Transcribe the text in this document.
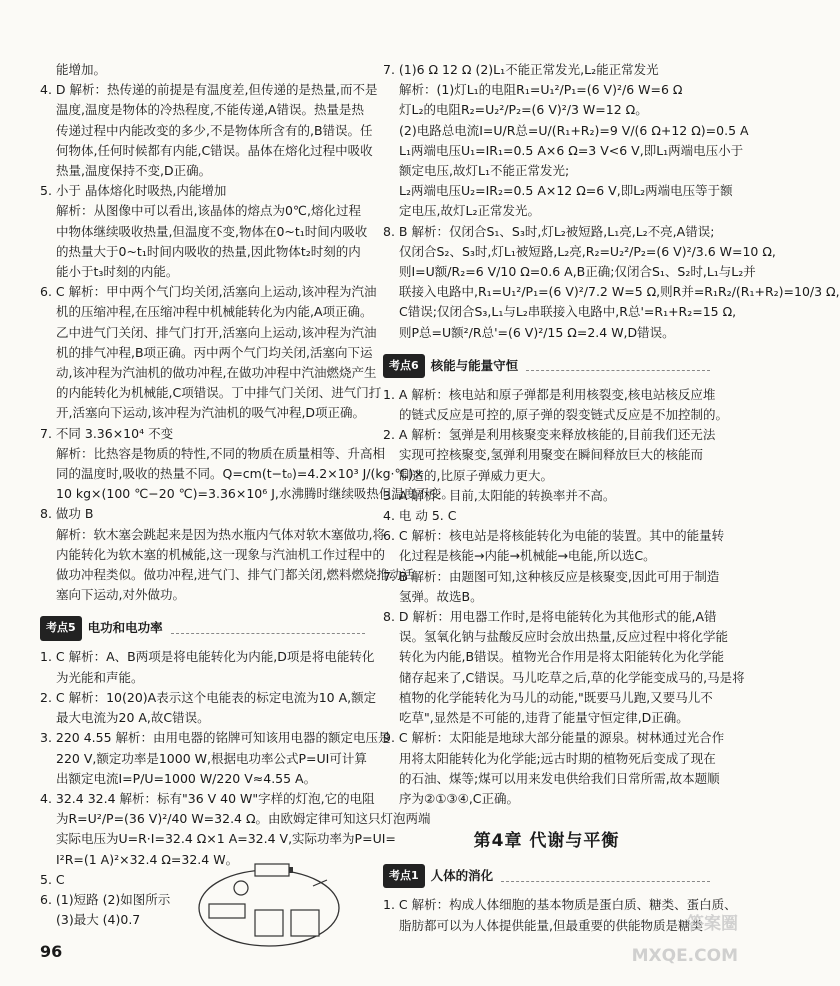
能增加。
4. D 解析：热传递的前提是有温度差,但传递的是热量,而不是
温度,温度是物体的冷热程度,不能传递,A错误。热量是热
传递过程中内能改变的多少,不是物体所含有的,B错误。任
何物体,任何时候都有内能,C错误。晶体在熔化过程中吸收
热量,温度保持不变,D正确。
5. 小于 晶体熔化时吸热,内能增加
解析：从图像中可以看出,该晶体的熔点为0℃,熔化过程
中物体继续吸收热量,但温度不变,物体在0~t₁时间内吸收
的热量大于0~t₁时间内吸收的热量,因此物体t₂时刻的内
能小于t₃时刻的内能。
6. C 解析：甲中两个气门均关闭,活塞向上运动,该冲程为汽油
机的压缩冲程,在压缩冲程中机械能转化为内能,A项正确。
乙中进气门关闭、排气门打开,活塞向上运动,该冲程为汽油
机的排气冲程,B项正确。丙中两个气门均关闭,活塞向下运
动,该冲程为汽油机的做功冲程,在做功冲程中汽油燃烧产生
的内能转化为机械能,C项错误。丁中排气门关闭、进气门打
开,活塞向下运动,该冲程为汽油机的吸气冲程,D项正确。
7. 不同 3.36×10⁴ 不变
解析：比热容是物质的特性,不同的物质在质量相等、升高相
同的温度时,吸收的热量不同。Q=cm(t−t₀)=4.2×10³ J/(kg·℃)×
10 kg×(100 ℃−20 ℃)=3.36×10⁶ J,水沸腾时继续吸热但温度不变。
8. 做功 B
解析：软木塞会跳起来是因为热水瓶内气体对软木塞做功,将
内能转化为软木塞的机械能,这一现象与汽油机工作过程中的
做功冲程类似。做功冲程,进气门、排气门都关闭,燃料燃烧推动活
塞向下运动,对外做功。
考点5 电功和电功率
1. C 解析：A、B两项是将电能转化为内能,D项是将电能转化
为光能和声能。
2. C 解析：10(20)A表示这个电能表的标定电流为10 A,额定
最大电流为20 A,故C错误。
3. 220 4.55 解析：由用电器的铭牌可知该用电器的额定电压是
220 V,额定功率是1000 W,根据电功率公式P=UI可计算
出额定电流I=P/U=1000 W/220 V≈4.55 A。
4. 32.4 32.4 解析：标有"36 V 40 W"字样的灯泡,它的电阻
为R=U²/P=(36 V)²/40 W=32.4 Ω。由欧姆定律可知这只灯泡两端
实际电压为U=R·I=32.4 Ω×1 A=32.4 V,实际功率为P=UI=
I²R=(1 A)²×32.4 Ω=32.4 W。
5. C
6. (1)短路 (2)如图所示
(3)最大 (4)0.7
7. (1)6 Ω 12 Ω (2)L₁不能正常发光,L₂能正常发光
解析：(1)灯L₁的电阻R₁=U₁²/P₁=(6 V)²/6 W=6 Ω
灯L₂的电阻R₂=U₂²/P₂=(6 V)²/3 W=12 Ω。
(2)电路总电流I=U/R总=U/(R₁+R₂)=9 V/(6 Ω+12 Ω)=0.5 A
L₁两端电压U₁=IR₁=0.5 A×6 Ω=3 V<6 V,即L₁两端电压小于
额定电压,故灯L₁不能正常发光;
L₂两端电压U₂=IR₂=0.5 A×12 Ω=6 V,即L₂两端电压等于额
定电压,故灯L₂正常发光。
8. B 解析：仅闭合S₁、S₃时,灯L₂被短路,L₁亮,L₂不亮,A错误;
仅闭合S₂、S₃时,灯L₁被短路,L₂亮,R₂=U₂²/P₂=(6 V)²/3.6 W=10 Ω,
则I=U额/R₂=6 V/10 Ω=0.6 A,B正确;仅闭合S₁、S₂时,L₁与L₂并
联接入电路中,R₁=U₁²/P₁=(6 V)²/7.2 W=5 Ω,则R并=R₁R₂/(R₁+R₂)=10/3 Ω,
C错误;仅闭合S₃,L₁与L₂串联接入电路中,R总'=R₁+R₂=15 Ω,
则P总=U额²/R总'=(6 V)²/15 Ω=2.4 W,D错误。
考点6 核能与能量守恒
1. A 解析：核电站和原子弹都是利用核裂变,核电站核反应堆
的链式反应是可控的,原子弹的裂变链式反应是不加控制的。
2. A 解析：氢弹是利用核聚变来释放核能的,目前我们还无法
实现可控核聚变,氢弹利用聚变在瞬间释放巨大的核能而
制造的,比原子弹威力更大。
3. A 解析：目前,太阳能的转换率并不高。
4. 电 动 5. C
6. C 解析：核电站是将核能转化为电能的装置。其中的能量转
化过程是核能→内能→机械能→电能,所以选C。
7. B 解析：由题图可知,这种核反应是核聚变,因此可用于制造
氢弹。故选B。
8. D 解析：用电器工作时,是将电能转化为其他形式的能,A错
误。氢氧化钠与盐酸反应时会放出热量,反应过程中将化学能
转化为内能,B错误。植物光合作用是将太阳能转化为化学能
储存起来了,C错误。马儿吃草之后,草的化学能变成马的,马是将
植物的化学能转化为马儿的动能,"既要马儿跑,又要马儿不
吃草",显然是不可能的,违背了能量守恒定律,D正确。
9. C 解析：太阳能是地球大部分能量的源泉。树林通过光合作
用将太阳能转化为化学能;远古时期的植物死后变成了现在
的石油、煤等;煤可以用来发电供给我们日常所需,故本题顺
序为②①③④,C正确。
第4章 代谢与平衡
考点1 人体的消化
1. C 解析：构成人体细胞的基本物质是蛋白质、糖类、蛋白质、
脂肪都可以为人体提供能量,但最重要的供能物质是糖类
96
答案圈
MXQE.COM
